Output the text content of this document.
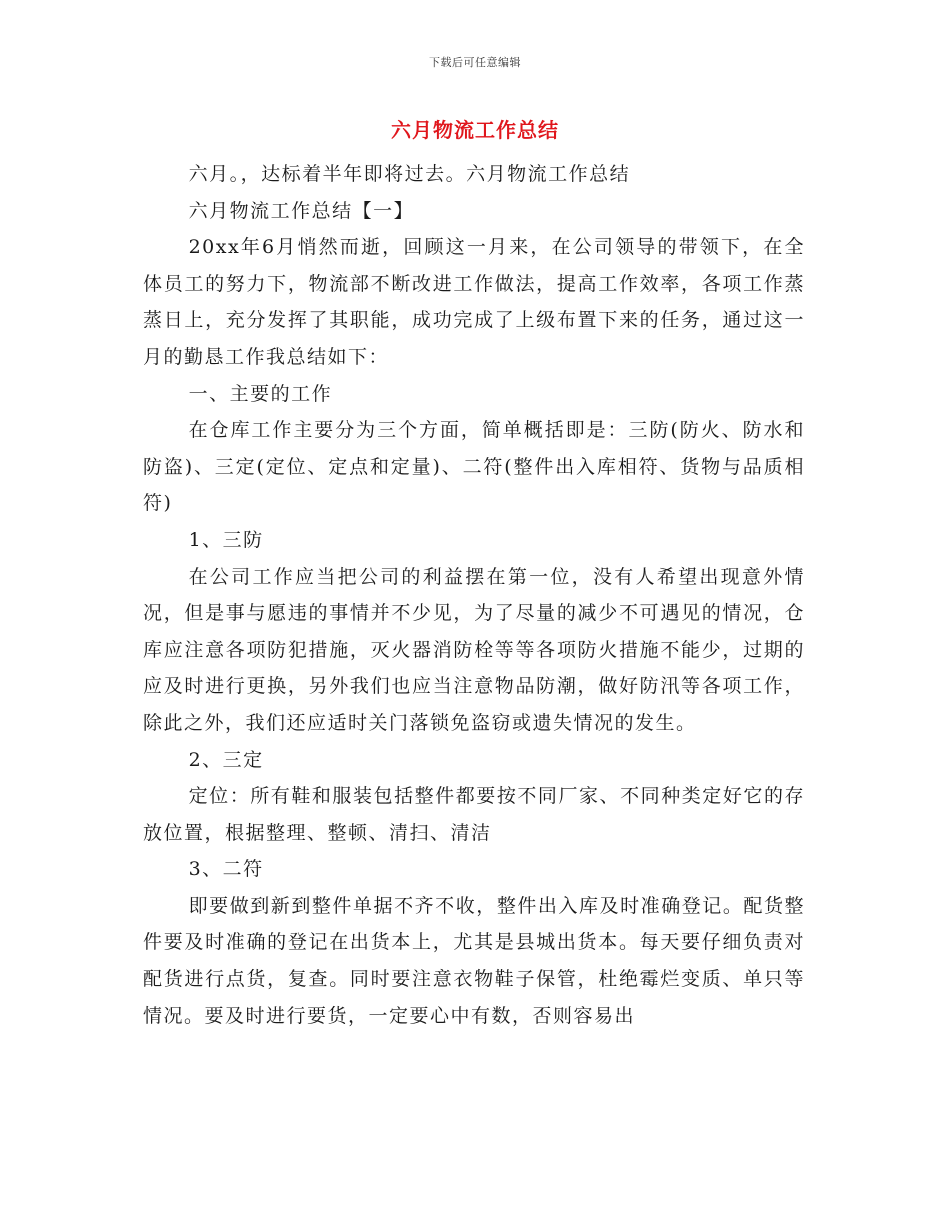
下载后可任意编辑
六月物流工作总结

六月。，达标着半年即将过去。六月物流工作总结

六月物流工作总结【一】

20xx年6月悄然而逝，回顾这一月来，在公司领导的带领下，在全体员工的努力下，物流部不断改进工作做法，提高工作效率，各项工作蒸蒸日上，充分发挥了其职能，成功完成了上级布置下来的任务，通过这一月的勤恳工作我总结如下：

一、主要的工作

在仓库工作主要分为三个方面，简单概括即是：三防(防火、防水和防盗)、三定(定位、定点和定量)、二符(整件出入库相符、货物与品质相符)

1、三防

在公司工作应当把公司的利益摆在第一位，没有人希望出现意外情况，但是事与愿违的事情并不少见，为了尽量的减少不可遇见的情况，仓库应注意各项防犯措施，灭火器消防栓等等各项防火措施不能少，过期的应及时进行更换，另外我们也应当注意物品防潮，做好防汛等各项工作，除此之外，我们还应适时关门落锁免盗窃或遗失情况的发生。

2、三定

定位：所有鞋和服装包括整件都要按不同厂家、不同种类定好它的存放位置，根据整理、整顿、清扫、清洁

3、二符

即要做到新到整件单据不齐不收，整件出入库及时准确登记。配货整件要及时准确的登记在出货本上，尤其是县城出货本。每天要仔细负责对配货进行点货，复查。同时要注意衣物鞋子保管，杜绝霉烂变质、单只等情况。要及时进行要货，一定要心中有数，否则容易出
